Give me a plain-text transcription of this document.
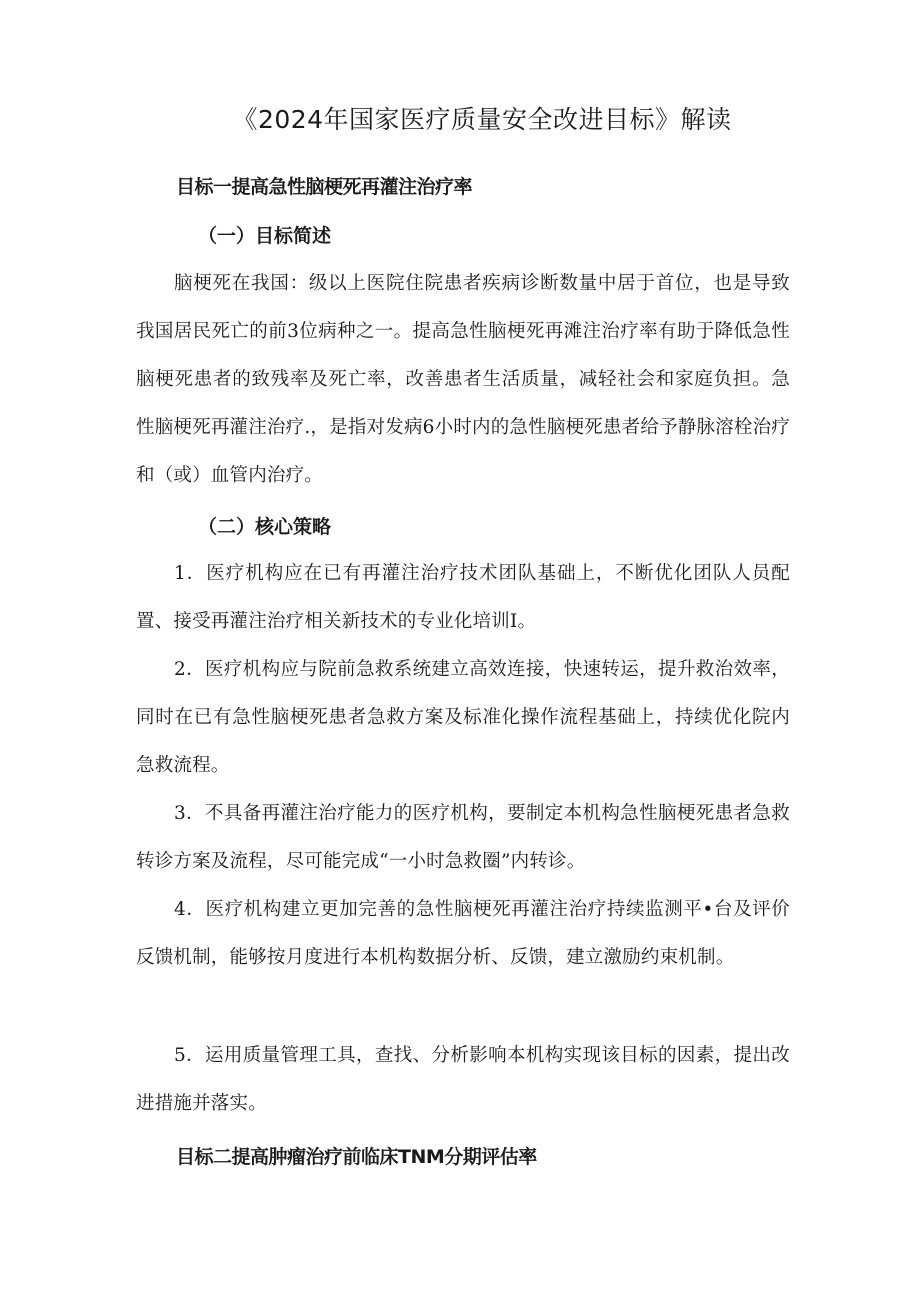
《2024年国家医疗质量安全改进目标》解读
目标一提高急性脑梗死再灌注治疗率
（一）目标简述

脑梗死在我国：级以上医院住院患者疾病诊断数量中居于首位，也是导致我国居民死亡的前3位病种之一。提高急性脑梗死再滩注治疗率有助于降低急性脑梗死患者的致残率及死亡率，改善患者生活质量，减轻社会和家庭负担。急性脑梗死再灌注治疗.，是指对发病6小时内的急性脑梗死患者给予静脉溶栓治疗和（或）血管内治疗。

（二）核心策略

1．医疗机构应在已有再灌注治疗技术团队基础上，不断优化团队人员配置、接受再灌注治疗相关新技术的专业化培训I。

2．医疗机构应与院前急救系统建立高效连接，快速转运，提升救治效率，同时在已有急性脑梗死患者急救方案及标准化操作流程基础上，持续优化院内急救流程。

3．不具备再灌注治疗能力的医疗机构，要制定本机构急性脑梗死患者急救转诊方案及流程，尽可能完成“一小时急救圈”内转诊。

4．医疗机构建立更加完善的急性脑梗死再灌注治疗持续监测平•台及评价反馈机制，能够按月度进行本机构数据分析、反馈，建立激励约束机制。

5．运用质量管理工具，查找、分析影响本机构实现该目标的因素，提出改进措施并落实。

目标二提高肿瘤治疗前临床TNM分期评估率
